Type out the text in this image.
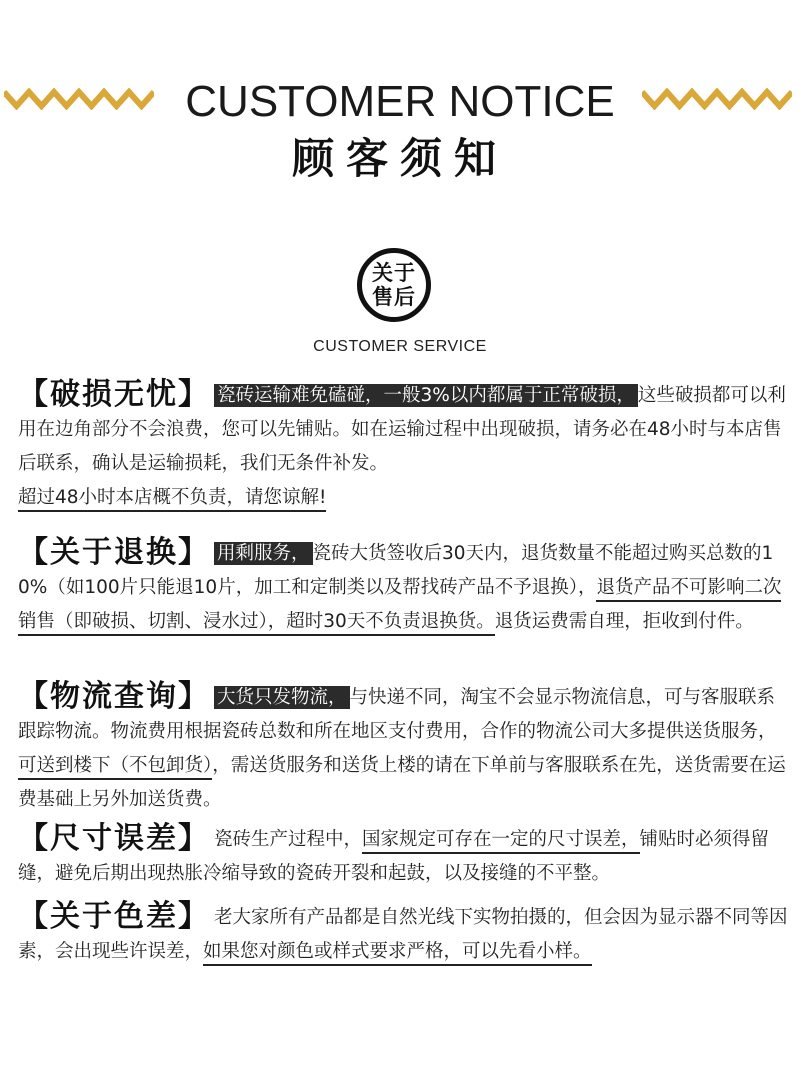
CUSTOMER NOTICE
顾客须知
关于
售后
CUSTOMER SERVICE
【破损无忧】 瓷砖运输难免磕碰，一般3%以内都属于正常破损， 这些破损都可以利用在边角部分不会浪费，您可以先铺贴。如在运输过程中出现破损，请务必在48小时与本店售后联系，确认是运输损耗，我们无条件补发。
超过48小时本店概不负责，请您谅解!
【关于退换】 用剩服务， 瓷砖大货签收后30天内，退货数量不能超过购买总数的10%（如100片只能退10片，加工和定制类以及帮找砖产品不予退换），退货产品不可影响二次销售（即破损、切割、浸水过），超时30天不负责退换货。退货运费需自理，拒收到付件。
【物流查询】 大货只发物流， 与快递不同，淘宝不会显示物流信息，可与客服联系跟踪物流。物流费用根据瓷砖总数和所在地区支付费用，合作的物流公司大多提供送货服务，可送到楼下（不包卸货），需送货服务和送货上楼的请在下单前与客服联系在先，送货需要在运费基础上另外加送货费。
【尺寸误差】 瓷砖生产过程中，国家规定可存在一定的尺寸误差，铺贴时必须得留缝，避免后期出现热胀冷缩导致的瓷砖开裂和起鼓，以及接缝的不平整。
【关于色差】 老大家所有产品都是自然光线下实物拍摄的，但会因为显示器不同等因素，会出现些许误差，如果您对颜色或样式要求严格，可以先看小样。
